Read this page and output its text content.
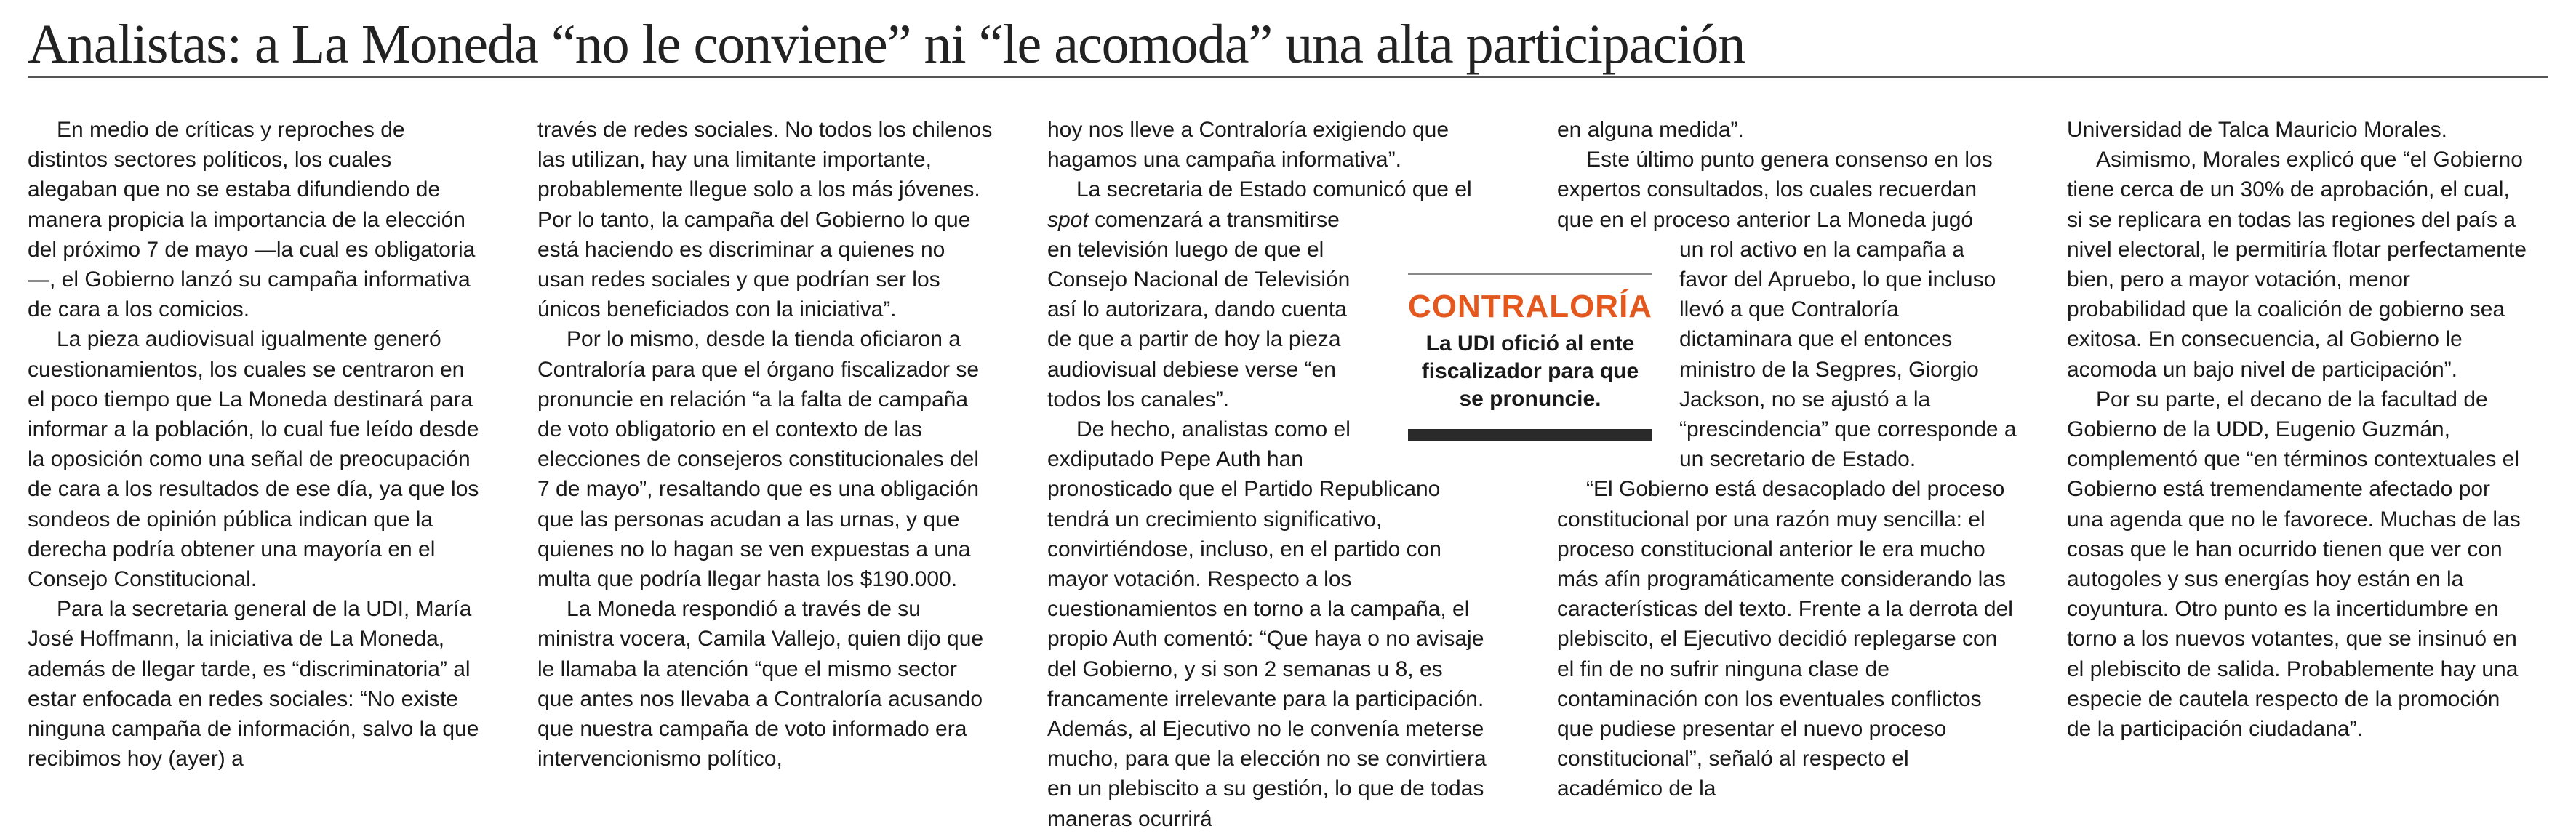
Analistas: a La Moneda “no le conviene” ni “le acomoda” una alta participación

En medio de críticas y reproches de distintos sectores políticos, los cuales alegaban que no se estaba difundiendo de manera propicia la importancia de la elección del próximo 7 de mayo —la cual es obligatoria—, el Gobierno lanzó su campaña informativa de cara a los comicios.

La pieza audiovisual igualmente generó cuestionamientos, los cuales se centraron en el poco tiempo que La Moneda destinará para informar a la población, lo cual fue leído desde la oposición como una señal de preocupación de cara a los resultados de ese día, ya que los sondeos de opinión pública indican que la derecha podría obtener una mayoría en el Consejo Constitucional.

Para la secretaria general de la UDI, María José Hoffmann, la iniciativa de La Moneda, además de llegar tarde, es “discriminatoria” al estar enfocada en redes sociales: “No existe ninguna campaña de información, salvo la que recibimos hoy (ayer) a

través de redes sociales. No todos los chilenos las utilizan, hay una limitante importante, probablemente llegue solo a los más jóvenes. Por lo tanto, la campaña del Gobierno lo que está haciendo es discriminar a quienes no usan redes sociales y que podrían ser los únicos beneficiados con la iniciativa”.

Por lo mismo, desde la tienda oficiaron a Contraloría para que el órgano fiscalizador se pronuncie en relación “a la falta de campaña de voto obligatorio en el contexto de las elecciones de consejeros constitucionales del 7 de mayo”, resaltando que es una obligación que las personas acudan a las urnas, y que quienes no lo hagan se ven expuestas a una multa que podría llegar hasta los $190.000.

La Moneda respondió a través de su ministra vocera, Camila Vallejo, quien dijo que le llamaba la atención “que el mismo sector que antes nos llevaba a Contraloría acusando que nuestra campaña de voto informado era intervencionismo político,

hoy nos lleve a Contraloría exigiendo que hagamos una campaña informativa”.

La secretaria de Estado comunicó que el

spot comenzará a transmitirse en televisión luego de que el Consejo Nacional de Televisión así lo autorizara, dando cuenta de que a partir de hoy la pieza audiovisual debiese verse “en todos los canales”.

De hecho, analistas como el exdiputado Pepe Auth han

pronosticado que el Partido Republicano tendrá un crecimiento significativo, convirtiéndose, incluso, en el partido con mayor votación. Respecto a los cuestionamientos en torno a la campaña, el propio Auth comentó: “Que haya o no avisaje del Gobierno, y si son 2 semanas u 8, es francamente irrelevante para la participación. Además, al Ejecutivo no le convenía meterse mucho, para que la elección no se convirtiera en un plebiscito a su gestión, lo que de todas maneras ocurrirá

en alguna medida”.

Este último punto genera consenso en los expertos consultados, los cuales recuerdan que en el proceso anterior La Moneda jugó

un rol activo en la campaña a favor del Apruebo, lo que incluso llevó a que Contraloría dictaminara que el entonces ministro de la Segpres, Giorgio Jackson, no se ajustó a la “prescindencia” que corresponde a un secretario de Estado.

“El Gobierno está desacoplado del proceso constitucional por una razón muy sencilla: el proceso constitucional anterior le era mucho más afín programáticamente considerando las características del texto. Frente a la derrota del plebiscito, el Ejecutivo decidió replegarse con el fin de no sufrir ninguna clase de contaminación con los eventuales conflictos que pudiese presentar el nuevo proceso constitucional”, señaló al respecto el académico de la

Universidad de Talca Mauricio Morales.

Asimismo, Morales explicó que “el Gobierno tiene cerca de un 30% de aprobación, el cual, si se replicara en todas las regiones del país a nivel electoral, le permitiría flotar perfectamente bien, pero a mayor votación, menor probabilidad que la coalición de gobierno sea exitosa. En consecuencia, al Gobierno le acomoda un bajo nivel de participación”.

Por su parte, el decano de la facultad de Gobierno de la UDD, Eugenio Guzmán, complementó que “en términos contextuales el Gobierno está tremendamente afectado por una agenda que no le favorece. Muchas de las cosas que le han ocurrido tienen que ver con autogoles y sus energías hoy están en la coyuntura. Otro punto es la incertidumbre en torno a los nuevos votantes, que se insinuó en el plebiscito de salida. Probablemente hay una especie de cautela respecto de la promoción de la participación ciudadana”.

CONTRALORÍA
La UDI ofició al ente fiscalizador para que se pronuncie.
